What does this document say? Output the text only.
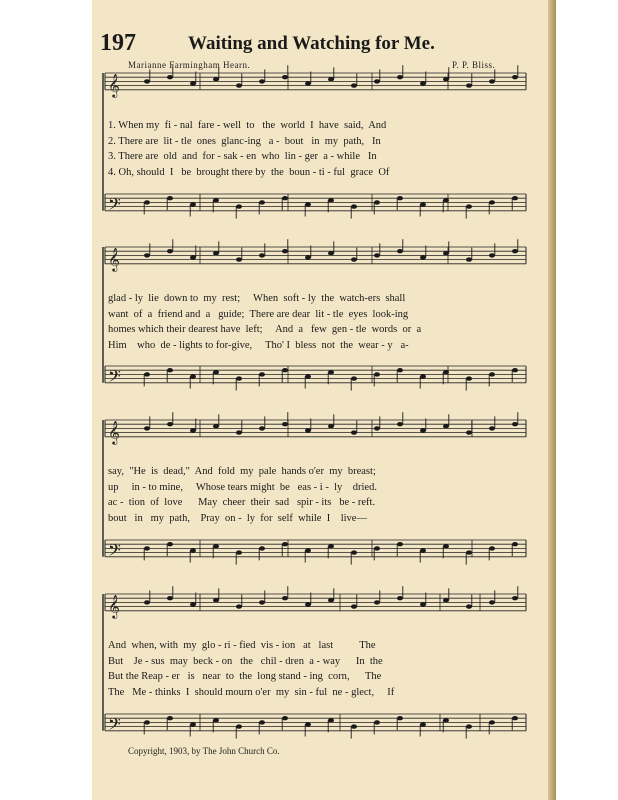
197	Waiting and Watching for Me.
Marianne Farmingham Hearn.	P. P. Bliss.
𝄞
𝄢
𝄞
𝄢
𝄞
𝄢
𝄞
𝄢
1. When my  fi - nal  fare - well  to   the  world  I  have  said,  And
2. There are  lit - tle  ones  glanc-ing   a -  bout   in  my  path,   In
3. There are  old  and  for - sak - en  who  lin - ger  a - while   In
4. Oh, should  I   be  brought there by  the  boun - ti - ful  grace  Of
glad - ly  lie  down to  my  rest;     When  soft - ly  the  watch-ers  shall
want  of  a  friend and  a   guide;  There are dear  lit - tle  eyes  look-ing
homes which their dearest have  left;     And  a   few  gen - tle  words  or  a
Him    who  de - lights to for-give,     Tho' I  bless  not  the  wear - y   a-
say,  "He  is  dead,"  And  fold  my  pale  hands o'er  my  breast;
up     in - to mine,     Whose tears might  be   eas - i -  ly    dried.
ac -  tion  of  love      May  cheer  their  sad   spir - its   be - reft.
bout   in   my  path,    Pray  on -  ly  for  self  while  I    live—
And  when, with  my  glo - ri - fied  vis - ion   at   last          The
But    Je - sus  may  beck - on   the   chil - dren  a - way      In  the
But the Reap - er   is   near  to  the  long stand - ing  corn,      The
The   Me - thinks  I  should mourn o'er  my  sin - ful  ne - glect,     If
Copyright, 1903, by The John Church Co.
